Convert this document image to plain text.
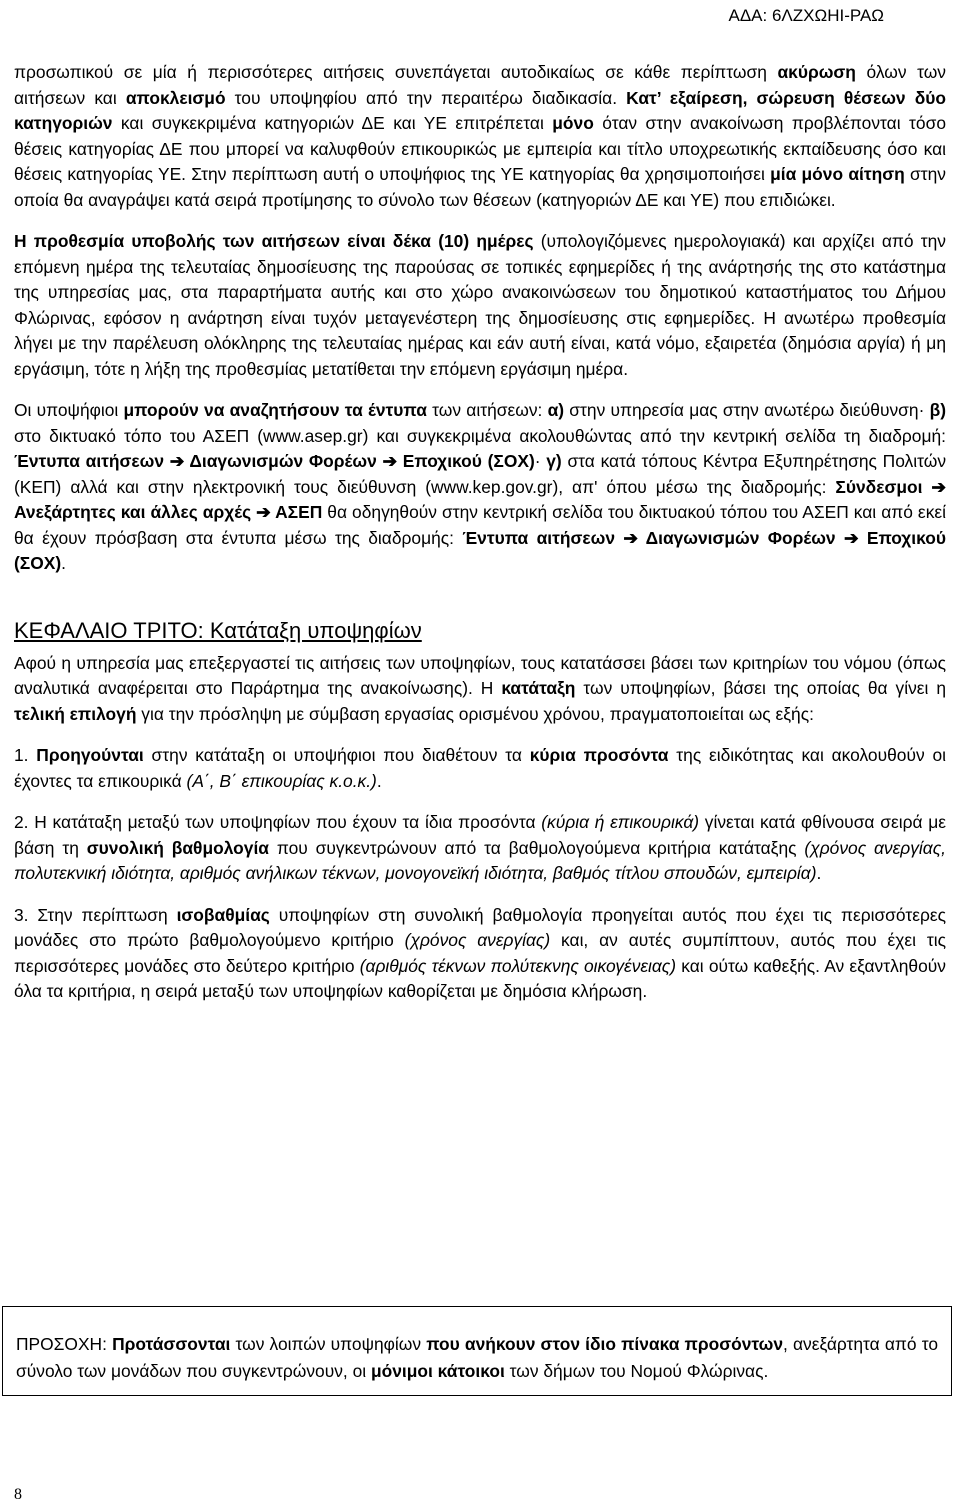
ΑΔΑ: 6ΛΖΧΩΗΙ-ΡΑΩ

προσωπικού σε μία ή περισσότερες αιτήσεις συνεπάγεται αυτοδικαίως σε κάθε περίπτωση ακύρωση όλων των αιτήσεων και αποκλεισμό του υποψηφίου από την περαιτέρω διαδικασία. Κατ’ εξαίρεση, σώρευση θέσεων δύο κατηγοριών και συγκεκριμένα κατηγοριών ΔΕ και ΥΕ επιτρέπεται μόνο όταν στην ανακοίνωση προβλέπονται τόσο θέσεις κατηγορίας ΔΕ που μπορεί να καλυφθούν επικουρικώς με εμπειρία και τίτλο υποχρεωτικής εκπαίδευσης όσο και θέσεις κατηγορίας ΥΕ. Στην περίπτωση αυτή ο υποψήφιος της ΥΕ κατηγορίας θα χρησιμοποιήσει μία μόνο αίτηση στην οποία θα αναγράψει κατά σειρά προτίμησης το σύνολο των θέσεων (κατηγοριών ΔΕ και ΥΕ) που επιδιώκει.

Η προθεσμία υποβολής των αιτήσεων είναι δέκα (10) ημέρες (υπολογιζόμενες ημερολογιακά) και αρχίζει από την επόμενη ημέρα της τελευταίας δημοσίευσης της παρούσας σε τοπικές εφημερίδες ή της ανάρτησής της στο κατάστημα της υπηρεσίας μας, στα παραρτήματα αυτής και στο χώρο ανακοινώσεων του δημοτικού καταστήματος του Δήμου Φλώρινας, εφόσον η ανάρτηση είναι τυχόν μεταγενέστερη της δημοσίευσης στις εφημερίδες. Η ανωτέρω προθεσμία λήγει με την παρέλευση ολόκληρης της τελευταίας ημέρας και εάν αυτή είναι, κατά νόμο, εξαιρετέα (δημόσια αργία) ή μη εργάσιμη, τότε η λήξη της προθεσμίας μετατίθεται την επόμενη εργάσιμη ημέρα.

Οι υποψήφιοι μπορούν να αναζητήσουν τα έντυπα των αιτήσεων: α) στην υπηρεσία μας στην ανωτέρω διεύθυνση· β) στο δικτυακό τόπο του ΑΣΕΠ (www.asep.gr) και συγκεκριμένα ακολουθώντας από την κεντρική σελίδα τη διαδρομή: Έντυπα αιτήσεων ➔ Διαγωνισμών Φορέων ➔ Εποχικού (ΣΟΧ)· γ) στα κατά τόπους Κέντρα Εξυπηρέτησης Πολιτών (ΚΕΠ) αλλά και στην ηλεκτρονική τους διεύθυνση (www.kep.gov.gr), απ' όπου μέσω της διαδρομής: Σύνδεσμοι ➔ Ανεξάρτητες και άλλες αρχές ➔ ΑΣΕΠ θα οδηγηθούν στην κεντρική σελίδα του δικτυακού τόπου του ΑΣΕΠ και από εκεί θα έχουν πρόσβαση στα έντυπα μέσω της διαδρομής: Έντυπα αιτήσεων ➔ Διαγωνισμών Φορέων ➔ Εποχικού (ΣΟΧ).

ΚΕΦΑΛΑΙΟ ΤΡΙΤΟ: Κατάταξη υποψηφίων

Αφού η υπηρεσία μας επεξεργαστεί τις αιτήσεις των υποψηφίων, τους κατατάσσει βάσει των κριτηρίων του νόμου (όπως αναλυτικά αναφέρειται στο Παράρτημα της ανακοίνωσης). Η κατάταξη των υποψηφίων, βάσει της οποίας θα γίνει η τελική επιλογή για την πρόσληψη με σύμβαση εργασίας ορισμένου χρόνου, πραγματοποιείται ως εξής:

1. Προηγούνται στην κατάταξη οι υποψήφιοι που διαθέτουν τα κύρια προσόντα της ειδικότητας και ακολουθούν οι έχοντες τα επικουρικά (Α΄, Β΄ επικουρίας κ.ο.κ.).

2. Η κατάταξη μεταξύ των υποψηφίων που έχουν τα ίδια προσόντα (κύρια ή επικουρικά) γίνεται κατά φθίνουσα σειρά με βάση τη συνολική βαθμολογία που συγκεντρώνουν από τα βαθμολογούμενα κριτήρια κατάταξης (χρόνος ανεργίας, πολυτεκνική ιδιότητα, αριθμός ανήλικων τέκνων, μονογονεϊκή ιδιότητα, βαθμός τίτλου σπουδών, εμπειρία).

3. Στην περίπτωση ισοβαθμίας υποψηφίων στη συνολική βαθμολογία προηγείται αυτός που έχει τις περισσότερες μονάδες στο πρώτο βαθμολογούμενο κριτήριο (χρόνος ανεργίας) και, αν αυτές συμπίπτουν, αυτός που έχει τις περισσότερες μονάδες στο δεύτερο κριτήριο (αριθμός τέκνων πολύτεκνης οικογένειας) και ούτω καθεξής. Αν εξαντληθούν όλα τα κριτήρια, η σειρά μεταξύ των υποψηφίων καθορίζεται με δημόσια κλήρωση.

ΠΡΟΣΟΧΗ: Προτάσσονται των λοιπών υποψηφίων που ανήκουν στον ίδιο πίνακα προσόντων, ανεξάρτητα από το σύνολο των μονάδων που συγκεντρώνουν, οι μόνιμοι κάτοικοι των δήμων του Νομού Φλώρινας.

8
